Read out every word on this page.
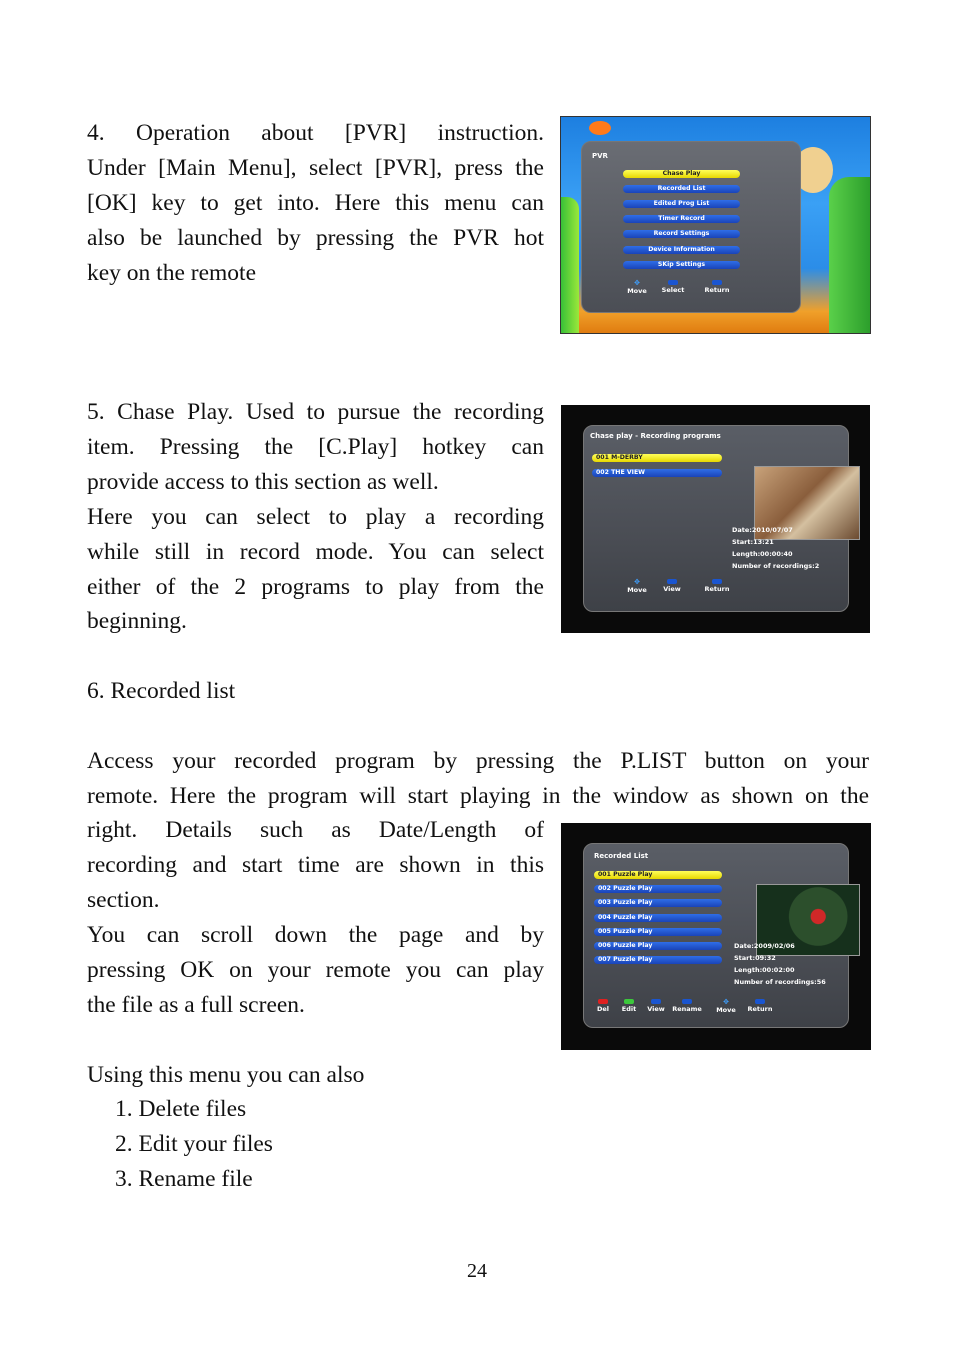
4. Operation about [PVR] instruction.
Under [Main Menu], select [PVR], press the
[OK] key to get into. Here this menu can
also be launched by pressing the PVR hot
key on the remote
PVR
Chase Play
Recorded List
Edited Prog List
Timer Record
Record Settings
Device Information
SKip Settings
✥
Move	Select	Return
5. Chase Play. Used to pursue the recording
item. Pressing the [C.Play] hotkey can
provide access to this section as well.
Here you can select to play a recording
while still in record mode. You can select
either of the 2 programs to play from the
beginning.
Chase play - Recording programs
001 M-DERBY
002 THE VIEW
Date:2010/07/07
Start:13:21
Length:00:00:40
Number of recordings:2
✥
Move	View	Return
6. Recorded list
Access your recorded program by pressing the P.LIST button on your
remote. Here the program will start playing in the window as shown on the
right. Details such as Date/Length of
recording and start time are shown in this
section.
You can scroll down the page and by
pressing OK on your remote you can play
the file as a full screen.
Recorded List
001 Puzzle Play
002 Puzzle Play
003 Puzzle Play
004 Puzzle Play
005 Puzzle Play
006 Puzzle Play
007 Puzzle Play
Date:2009/02/06
Start:09:32
Length:00:02:00
Number of recordings:56
Del	Edit	View	Rename
✥
Move	Return
Using this menu you can also
1. Delete files
2. Edit your files
3. Rename file
24
